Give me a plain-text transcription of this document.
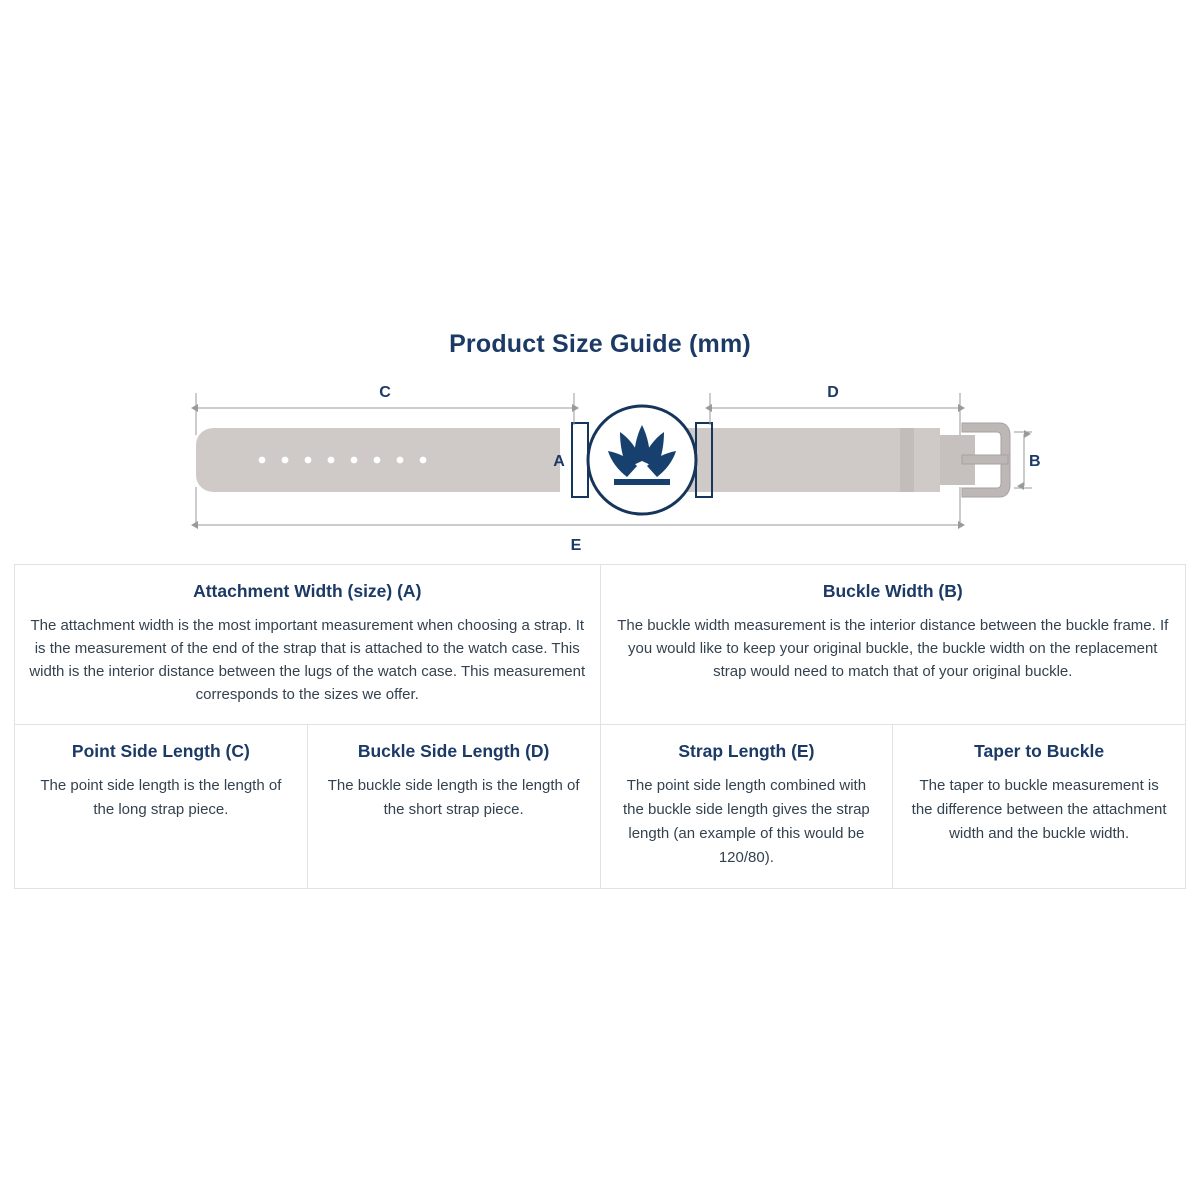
Product Size Guide (mm)
C	D
E
A	B
Attachment Width (size) (A)
The attachment width is the most important measurement when choosing a strap. It is the measurement of the end of the strap that is attached to the watch case. This width is the interior distance between the lugs of the watch case. This measurement corresponds to the sizes we offer.

Buckle Width (B)
The buckle width measurement is the interior distance between the buckle frame. If you would like to keep your original buckle, the buckle width on the replacement strap would need to match that of your original buckle.

Point Side Length (C)
The point side length is the length of the long strap piece.

Buckle Side Length (D)
The buckle side length is the length of the short strap piece.

Strap Length (E)
The point side length combined with the buckle side length gives the strap length (an example of this would be 120/80).

Taper to Buckle
The taper to buckle measurement is the difference between the attachment width and the buckle width.
